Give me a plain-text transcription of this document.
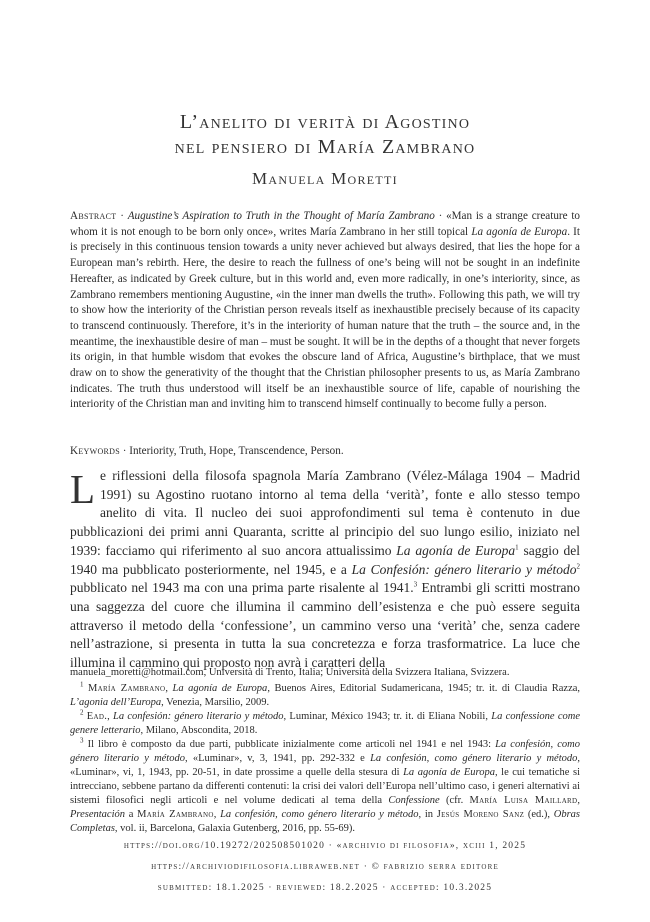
L’anelito di verità di Agostino
nel pensiero di María Zambrano
Manuela Moretti

Abstract · Augustine’s Aspiration to Truth in the Thought of María Zambrano · «Man is a strange creature to whom it is not enough to be born only once», writes María Zambrano in her still topical La agonía de Europa. It is precisely in this continuous tension towards a unity never achieved but always desired, that lies the hope for a European man’s rebirth. Here, the desire to reach the fullness of one’s being will not be sought in an indefinite Hereafter, as indicated by Greek culture, but in this world and, even more radically, in one’s interiority, since, as Zambrano remembers mentioning Augustine, «in the inner man dwells the truth». Following this path, we will try to show how the interiority of the Christian person reveals itself as inexhaustible precisely because of its capacity to transcend continuously. Therefore, it’s in the interiority of human nature that the truth – the source and, in the meantime, the inexhaustible desire of man – must be sought. It will be in the depths of a thought that never forgets its origin, in that humble wisdom that evokes the obscure land of Africa, Augustine’s birthplace, that we must draw on to show the generativity of the thought that the Christian philosopher presents to us, as María Zambrano indicates. The truth thus understood will itself be an inexhaustible source of life, capable of nourishing the interiority of the Christian man and inviting him to transcend himself continually to become fully a person.

Keywords · Interiority, Truth, Hope, Transcendence, Person.

Le riflessioni della filosofa spagnola María Zambrano (Vélez-Málaga 1904 – Madrid 1991) su Agostino ruotano intorno al tema della ‘verità’, fonte e allo stesso tempo anelito di vita. Il nucleo dei suoi approfondimenti sul tema è contenuto in due pubblicazioni dei primi anni Quaranta, scritte al principio del suo lungo esilio, iniziato nel 1939: facciamo qui riferimento al suo ancora attualissimo La agonía de Europa$^1$ saggio del 1940 ma pubblicato posteriormente, nel 1945, e a La Confesión: género literario y método$^2$ pubblicato nel 1943 ma con una prima parte risalente al 1941.$^3$ Entrambi gli scritti mostrano una saggezza del cuore che illumina il cammino dell’esistenza e che può essere seguita attraverso il metodo della ‘confessione’, un cammino verso una ‘verità’ che, senza cadere nell’astrazione, si presenta in tutta la sua concretezza e forza trasformatrice. La luce che illumina il cammino qui proposto non avrà i caratteri della

manuela_moretti@hotmail.com, Università di Trento, Italia; Università della Svizzera Italiana, Svizzera.

$^1$ María Zambrano, La agonía de Europa, Buenos Aires, Editorial Sudamericana, 1945; tr. it. di Claudia Razza, L’agonia dell’Europa, Venezia, Marsilio, 2009.

$^2$ Ead., La confesión: género literario y método, Luminar, México 1943; tr. it. di Eliana Nobili, La confessione come genere letterario, Milano, Abscondita, 2018.

$^3$ Il libro è composto da due parti, pubblicate inizialmente come articoli nel 1941 e nel 1943: La confesión, como género literario y método, «Luminar», v, 3, 1941, pp. 292-332 e La confesión, como género literario y método, «Luminar», vi, 1, 1943, pp. 20-51, in date prossime a quelle della stesura di La agonía de Europa, le cui tematiche si intrecciano, sebbene partano da differenti contenuti: la crisi dei valori dell’Europa nell’ultimo caso, i generi alternativi ai sistemi filosofici negli articoli e nel volume dedicati al tema della Confessione (cfr. María Luisa Maillard, Presentación a María Zambrano, La confesión, como género literario y método, in Jesús Moreno Sanz (ed.), Obras Completas, vol. ii, Barcelona, Galaxia Gutenberg, 2016, pp. 55-69).

https://doi.org/10.19272/202508501020 · «archivio di filosofia», xciii 1, 2025
https://archiviodifilosofia.libraweb.net · © fabrizio serra editore
submitted: 18.1.2025 · reviewed: 18.2.2025 · accepted: 10.3.2025
